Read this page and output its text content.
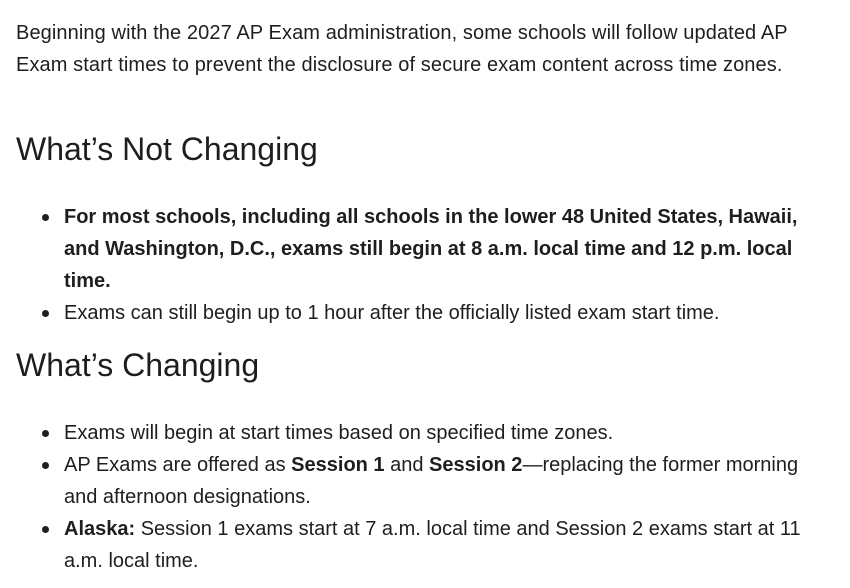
Beginning with the 2027 AP Exam administration, some schools will follow updated AP Exam start times to prevent the disclosure of secure exam content across time zones.

What’s Not Changing
For most schools, including all schools in the lower 48 United States, Hawaii, and Washington, D.C., exams still begin at 8 a.m. local time and 12 p.m. local time.
Exams can still begin up to 1 hour after the officially listed exam start time.
What’s Changing
Exams will begin at start times based on specified time zones.
AP Exams are offered as Session 1 and Session 2—replacing the former morning and afternoon designations.
Alaska: Session 1 exams start at 7 a.m. local time and Session 2 exams start at 11 a.m. local time.
